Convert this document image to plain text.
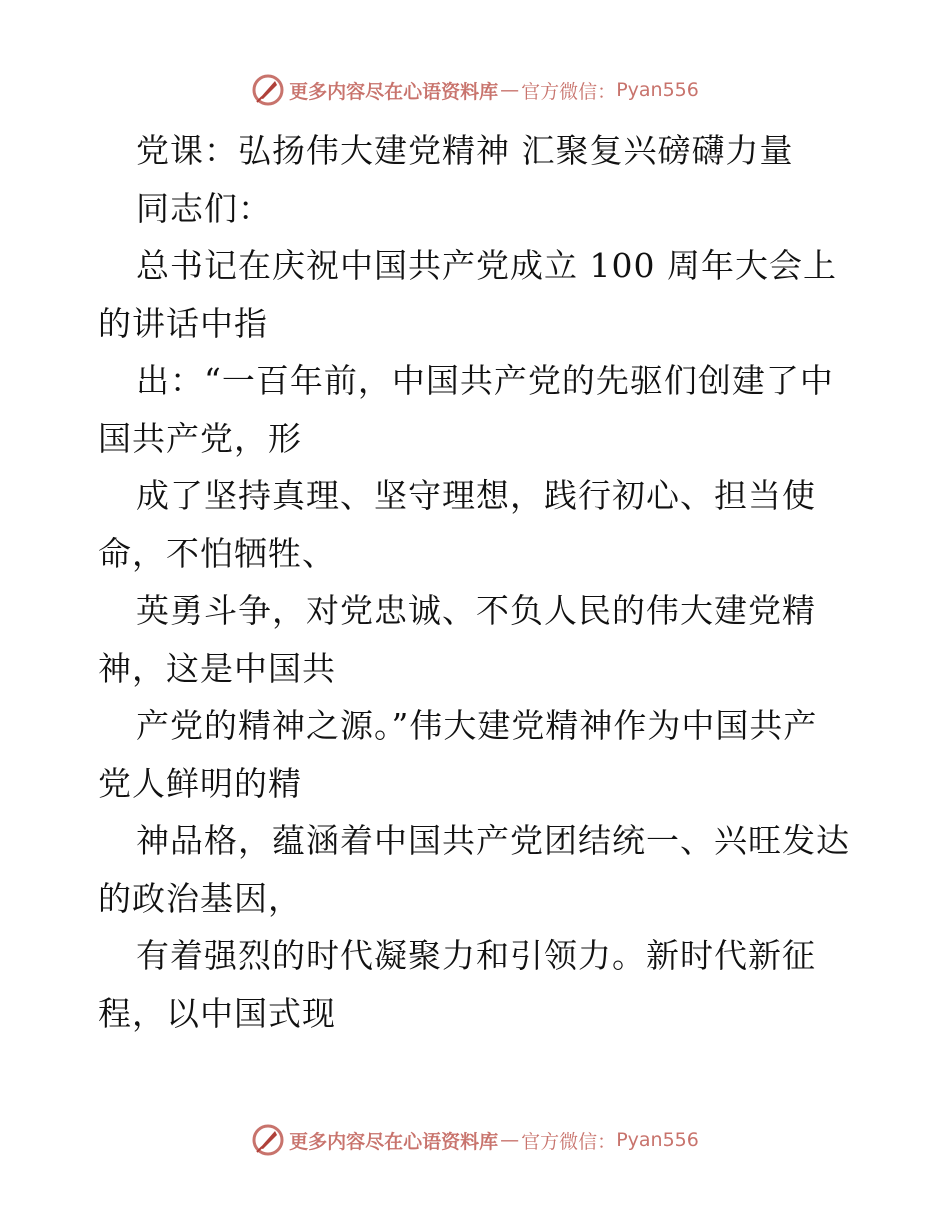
更多内容尽在心语资料库 — 官方微信： Pyan556
党课：弘扬伟大建党精神 汇聚复兴磅礴力量
同志们：
总书记在庆祝中国共产党成立 100 周年大会上
的讲话中指
出：“一百年前，中国共产党的先驱们创建了中
国共产党，形
成了坚持真理、坚守理想，践行初心、担当使
命，不怕牺牲、
英勇斗争，对党忠诚、不负人民的伟大建党精
神，这是中国共
产党的精神之源。”伟大建党精神作为中国共产
党人鲜明的精
神品格，蕴涵着中国共产党团结统一、兴旺发达
的政治基因，
有着强烈的时代凝聚力和引领力。新时代新征
程，以中国式现
更多内容尽在心语资料库 — 官方微信： Pyan556
